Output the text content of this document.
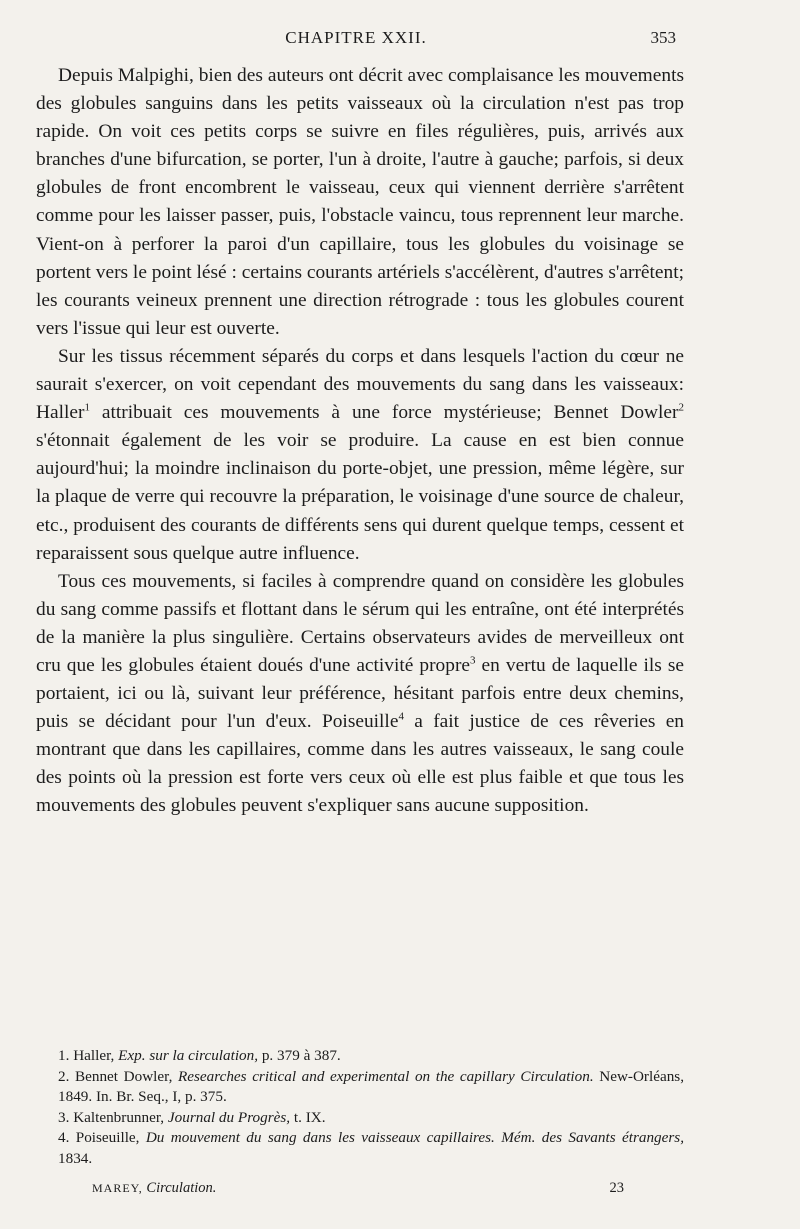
CHAPITRE XXII.	353

Depuis Malpighi, bien des auteurs ont décrit avec complaisance les mouvements des globules sanguins dans les petits vaisseaux où la circulation n'est pas trop rapide. On voit ces petits corps se suivre en files régulières, puis, arrivés aux branches d'une bifurcation, se porter, l'un à droite, l'autre à gauche; parfois, si deux globules de front encombrent le vaisseau, ceux qui viennent derrière s'arrêtent comme pour les laisser passer, puis, l'obstacle vaincu, tous reprennent leur marche. Vient-on à perforer la paroi d'un capillaire, tous les globules du voisinage se portent vers le point lésé : certains courants artériels s'accélèrent, d'autres s'arrêtent; les courants veineux prennent une direction rétrograde : tous les globules courent vers l'issue qui leur est ouverte.

Sur les tissus récemment séparés du corps et dans lesquels l'action du cœur ne saurait s'exercer, on voit cependant des mouvements du sang dans les vaisseaux: Haller$^1$ attribuait ces mouvements à une force mystérieuse; Bennet Dowler$^2$ s'étonnait également de les voir se produire. La cause en est bien connue aujourd'hui; la moindre inclinaison du porte-objet, une pression, même légère, sur la plaque de verre qui recouvre la préparation, le voisinage d'une source de chaleur, etc., produisent des courants de différents sens qui durent quelque temps, cessent et reparaissent sous quelque autre influence.

Tous ces mouvements, si faciles à comprendre quand on considère les globules du sang comme passifs et flottant dans le sérum qui les entraîne, ont été interprétés de la manière la plus singulière. Certains observateurs avides de merveilleux ont cru que les globules étaient doués d'une activité propre$^3$ en vertu de laquelle ils se portaient, ici ou là, suivant leur préférence, hésitant parfois entre deux chemins, puis se décidant pour l'un d'eux. Poiseuille$^4$ a fait justice de ces rêveries en montrant que dans les capillaires, comme dans les autres vaisseaux, le sang coule des points où la pression est forte vers ceux où elle est plus faible et que tous les mouvements des globules peuvent s'expliquer sans aucune supposition.

1. Haller, Exp. sur la circulation, p. 379 à 387.

2. Bennet Dowler, Researches critical and experimental on the capillary Circulation. New-Orléans, 1849. In. Br. Seq., I, p. 375.

3. Kaltenbrunner, Journal du Progrès, t. IX.

4. Poiseuille, Du mouvement du sang dans les vaisseaux capillaires. Mém. des Savants étrangers, 1834.

MAREY, Circulation.	23
